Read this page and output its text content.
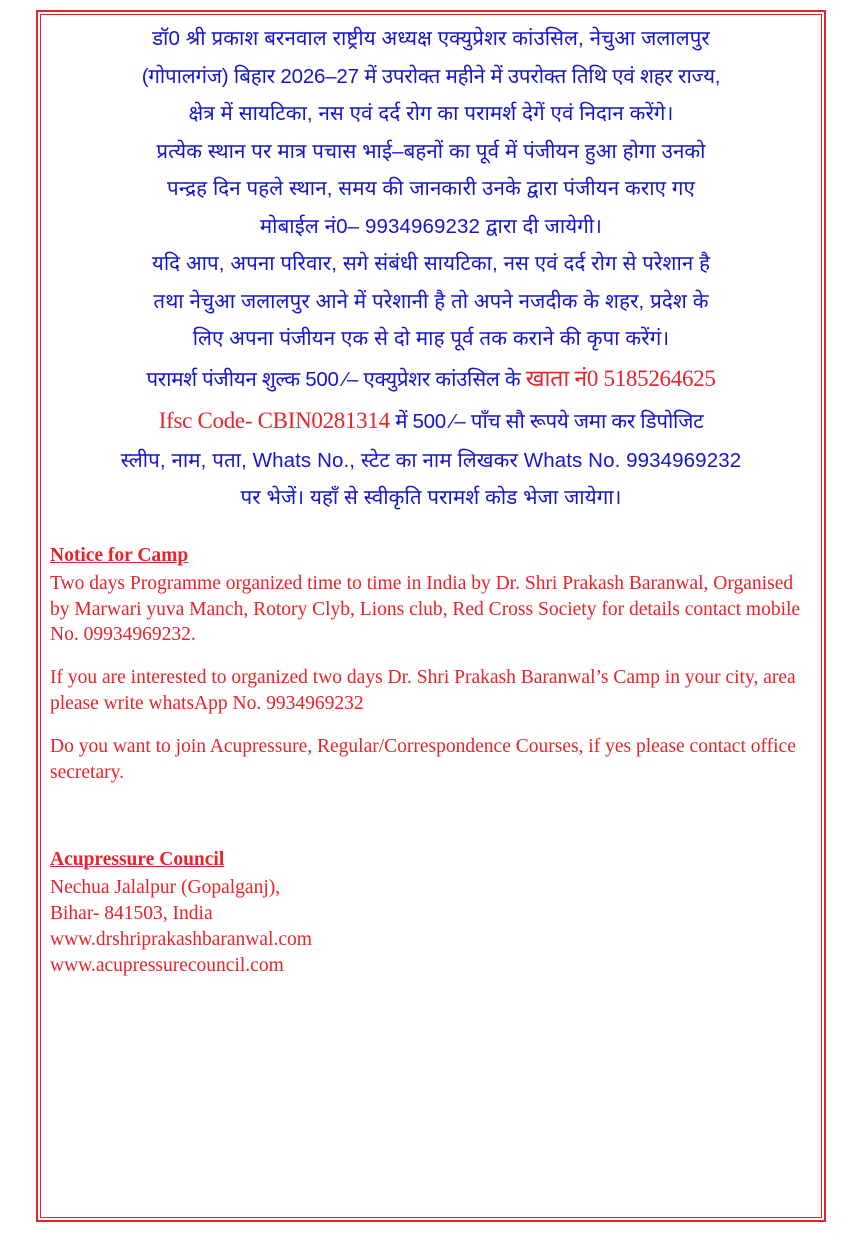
डॉ0 श्री प्रकाश बरनवाल राष्ट्रीय अध्यक्ष एक्युप्रेशर कांउसिल, नेचुआ जलालपुर
(गोपालगंज) बिहार 2026–27 में उपरोक्त महीने में उपरोक्त तिथि एवं शहर राज्य,
क्षेत्र में सायटिका, नस एवं दर्द रोग का परामर्श देगें एवं निदान करेंगे।
प्रत्येक स्थान पर मात्र पचास भाई–बहनों का पूर्व में पंजीयन हुआ होगा उनको
पन्द्रह दिन पहले स्थान, समय की जानकारी उनके द्वारा पंजीयन कराए गए
मोबाईल नं0– 9934969232 द्वारा दी जायेगी।
यदि आप, अपना परिवार, सगे संबंधी सायटिका, नस एवं दर्द रोग से परेशान है
तथा नेचुआ जलालपुर आने में परेशानी है तो अपने नजदीक के शहर, प्रदेश के
लिए अपना पंजीयन एक से दो माह पूर्व तक कराने की कृपा करेंगं।
परामर्श पंजीयन शुल्क 500 ⁄– एक्युप्रेशर कांउसिल के खाता नं0 5185264625
Ifsc Code- CBIN0281314 में 500 ⁄– पाँच सौ रूपये जमा कर डिपोजिट
स्लीप, नाम, पता, Whats No., स्टेट का नाम लिखकर Whats No. 9934969232
पर भेजें। यहाँ से स्वीकृति परामर्श कोड भेजा जायेगा।
Notice for Camp
Two days Programme organized time to time in India by Dr. Shri Prakash Baranwal, Organised by Marwari yuva Manch, Rotory Clyb, Lions club, Red Cross Society for details contact mobile No. 09934969232.
If you are interested to organized two days Dr. Shri Prakash Baranwal’s Camp in your city, area please write whatsApp No. 9934969232
Do you want to join Acupressure, Regular/Correspondence Courses, if yes please contact office secretary.
Acupressure Council
Nechua Jalalpur (Gopalganj),
Bihar- 841503, India
www.drshriprakashbaranwal.com
www.acupressurecouncil.com
